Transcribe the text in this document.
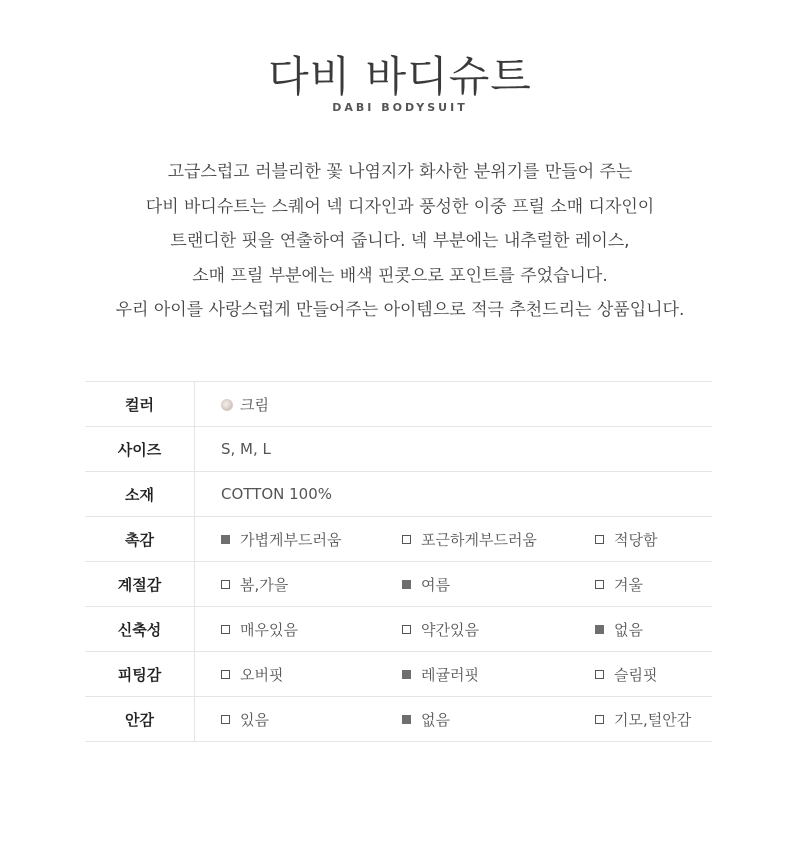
다비 바디슈트
DABI BODYSUIT
고급스럽고 러블리한 꽃 나염지가 화사한 분위기를 만들어 주는
다비 바디슈트는 스퀘어 넥 디자인과 풍성한 이중 프릴 소매 디자인이
트랜디한 핏을 연출하여 줍니다. 넥 부분에는 내추럴한 레이스,
소매 프릴 부분에는 배색 핀콧으로 포인트를 주었습니다.
우리 아이를 사랑스럽게 만들어주는 아이템으로 적극 추천드리는 상품입니다.
컬러	크림
사이즈	S, M, L
소재	COTTON 100%
촉감	가볍게부드러움 포근하게부드러움 적당함

계절감	봄,가을 여름 겨울

신축성	매우있음 약간있음 없음

피팅감	오버핏 레귤러핏 슬림핏

안감	있음 없음 기모,털안감
